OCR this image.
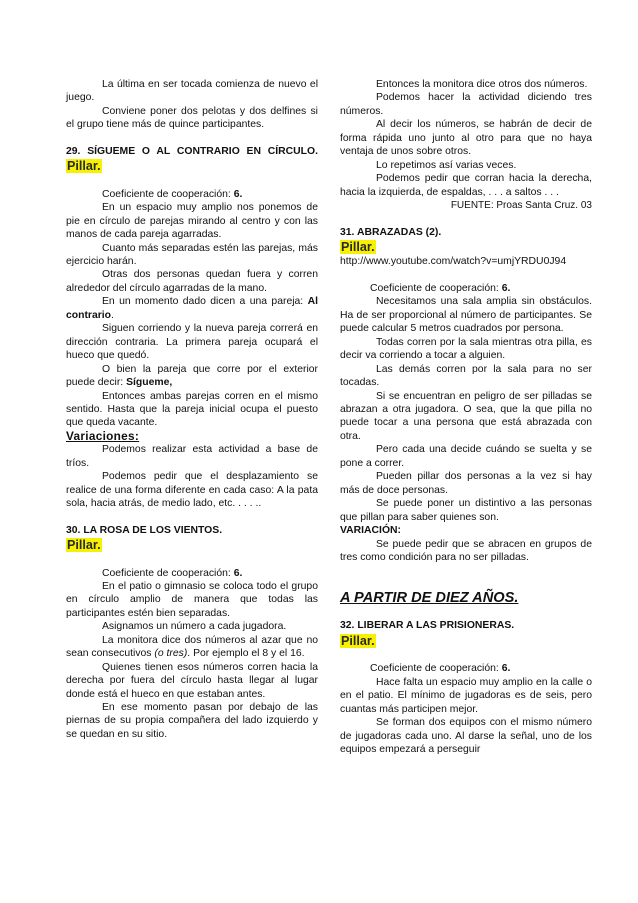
La última en ser tocada comienza de nuevo el juego.

Conviene poner dos pelotas y dos delfines si el grupo tiene más de quince participantes.

29. SÍGUEME O AL CONTRARIO EN CÍRCULO.

Pillar.

Coeficiente de cooperación: 6.

En un espacio muy amplio nos ponemos de pie en círculo de parejas mirando al centro y con las manos de cada pareja agarradas.

Cuanto más separadas estén las parejas, más ejercicio harán.

Otras dos personas quedan fuera y corren alrededor del círculo agarradas de la mano.

En un momento dado dicen a una pareja: Al contrario.

Siguen corriendo y la nueva pareja correrá en dirección contraria. La primera pareja ocupará el hueco que quedó.

O bien la pareja que corre por el exterior puede decir: Sígueme,

Entonces ambas parejas corren en el mismo sentido. Hasta que la pareja inicial ocupa el puesto que queda vacante.

Variaciones:

Podemos realizar esta actividad a base de tríos.

Podemos pedir que el desplazamiento se realice de una forma diferente en cada caso: A la pata sola, hacia atrás, de medio lado, etc. . . . ..

30. LA ROSA DE LOS VIENTOS.

Pillar.

Coeficiente de cooperación: 6.

En el patio o gimnasio se coloca todo el grupo en círculo amplio de manera que todas las participantes estén bien separadas.

Asignamos un número a cada jugadora.

La monitora dice dos números al azar que no sean consecutivos (o tres). Por ejemplo el 8 y el 16.

Quienes tienen esos números corren hacia la derecha por fuera del círculo hasta llegar al lugar donde está el hueco en que estaban antes.

En ese momento pasan por debajo de las piernas de su propia compañera del lado izquierdo y se quedan en su sitio.

Entonces la monitora dice otros dos números.

Podemos hacer la actividad diciendo tres números.

Al decir los números, se habrán de decir de forma rápida uno junto al otro para que no haya ventaja de unos sobre otros.

Lo repetimos así varias veces.

Podemos pedir que corran hacia la derecha, hacia la izquierda, de espaldas, . . . a saltos . . .

FUENTE: Proas Santa Cruz. 03

31. ABRAZADAS (2).

Pillar.

http://www.youtube.com/watch?v=umjYRDU0J94

Coeficiente de cooperación: 6.

Necesitamos una sala amplia sin obstáculos. Ha de ser proporcional al número de participantes. Se puede calcular 5 metros cuadrados por persona.

Todas corren por la sala mientras otra pilla, es decir va corriendo a tocar a alguien.

Las demás corren por la sala para no ser tocadas.

Si se encuentran en peligro de ser pilladas se abrazan a otra jugadora. O sea, que la que pilla no puede tocar a una persona que está abrazada con otra.

Pero cada una decide cuándo se suelta y se pone a correr.

Pueden pillar dos personas a la vez si hay más de doce personas.

Se puede poner un distintivo a las personas que pillan para saber quienes son.

VARIACIÓN:

Se puede pedir que se abracen en grupos de tres como condición para no ser pilladas.

A PARTIR DE DIEZ AÑOS.

32. LIBERAR A LAS PRISIONERAS.

Pillar.

Coeficiente de cooperación: 6.

Hace falta un espacio muy amplio en la calle o en el patio. El mínimo de jugadoras es de seis, pero cuantas más participen mejor.

Se forman dos equipos con el mismo número de jugadoras cada uno. Al darse la señal, uno de los equipos empezará a perseguir
